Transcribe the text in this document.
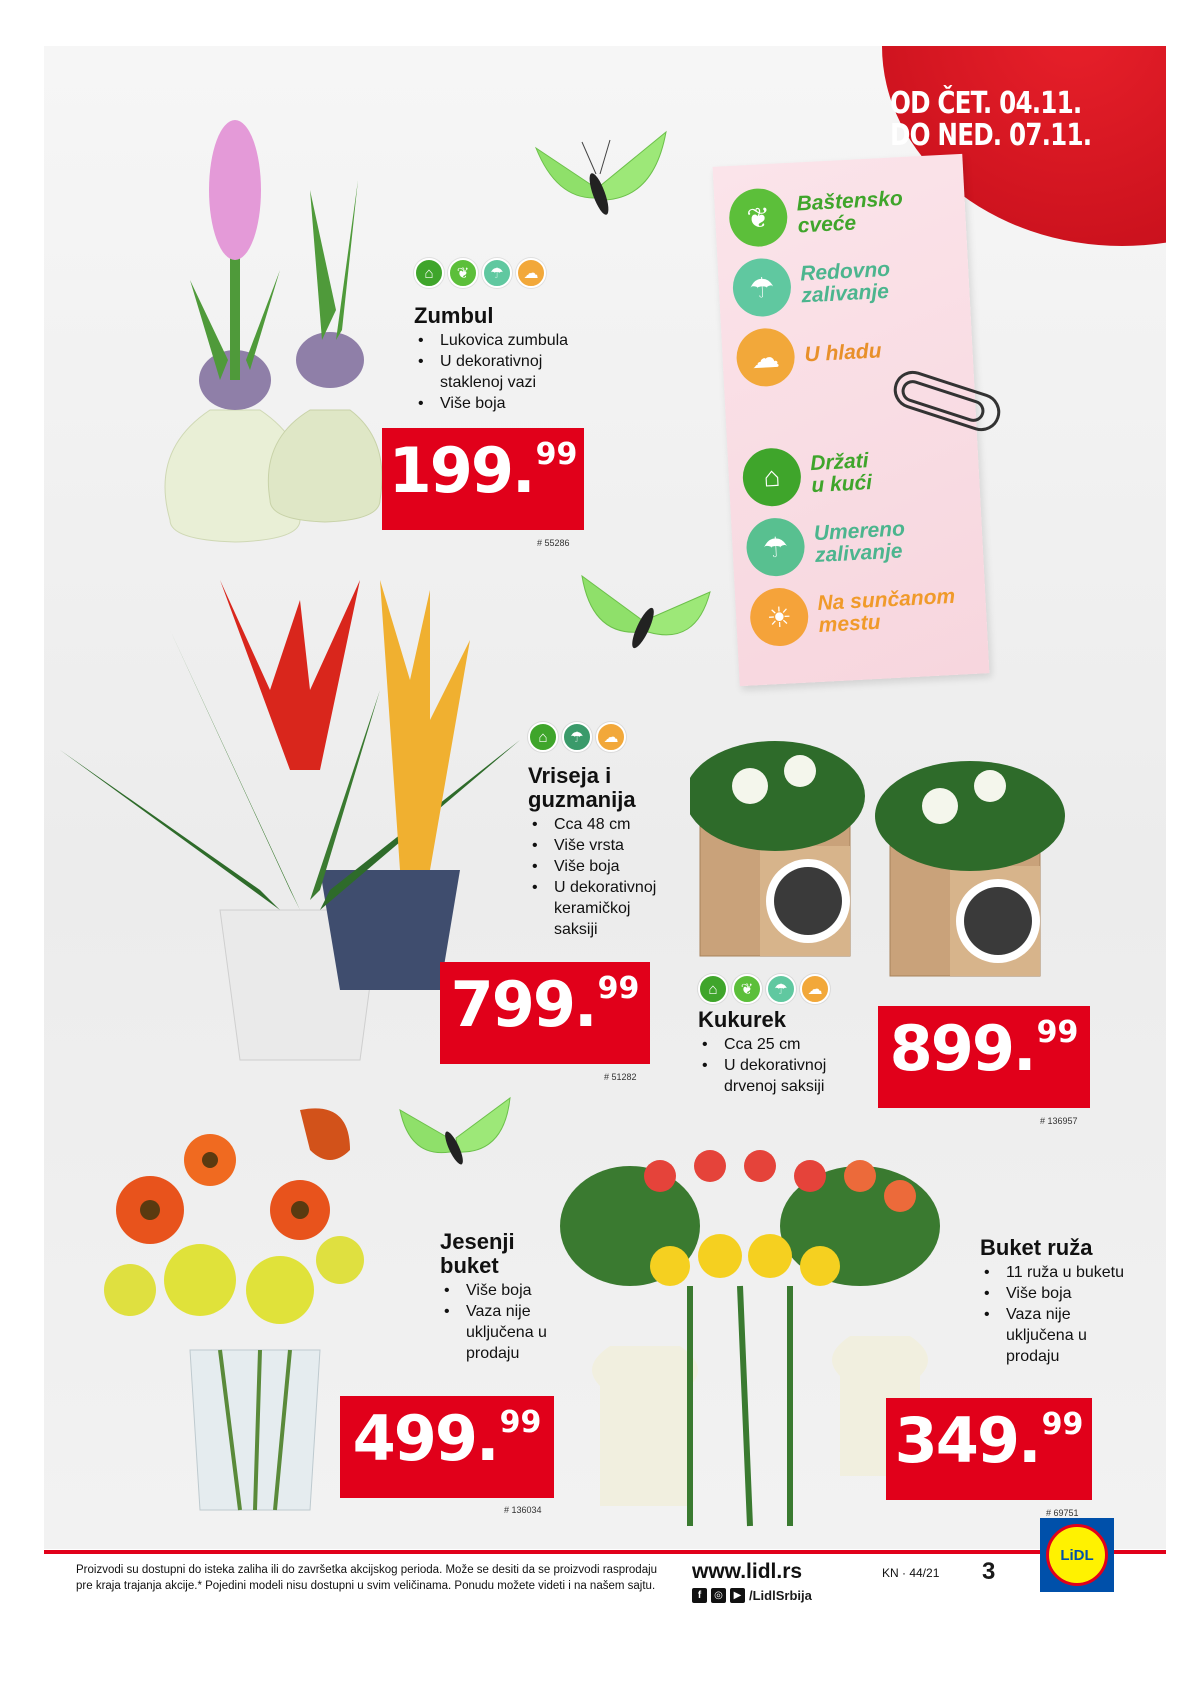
OD ČET. 04.11.
DO NED. 07.11.
❦
Baštensko
cveće
☂	Redovno
zalivanje
☁	U hladu
⌂	Držati
u kući
☂	Umereno
zalivanje
☀
Na sunčanom
mestu
⌂	❦	☂	☁
Zumbul
• Lukovica zumbula
• U dekorativnoj staklenoj vazi
• Više boja
199. 99
# 55286
⌂	☂	☁
Vriseja i
guzmanija
• Cca 48 cm
• Više vrsta
• Više boja
• U dekorativnoj keramičkoj saksiji
799. 99
# 51282
⌂	❦	☂	☁
Kukurek
• Cca 25 cm
• U dekorativnoj drvenoj saksiji
899. 99
# 136957
Jesenji
buket
• Više boja
• Vaza nije uključena u prodaju
499. 99
# 136034
Buket ruža
• 11 ruža u buketu
• Više boja
• Vaza nije uključena u prodaju
349. 99
# 69751
Proizvodi su dostupni do isteka zaliha ili do završetka akcijskog perioda. Može se desiti da se proizvodi rasprodaju pre kraja trajanja akcije.* Pojedini modeli nisu dostupni u svim veličinama. Ponudu možete videti i na našem sajtu.
www.lidl.rs
f	◎	▶ /LidlSrbija
KN · 44/21 3
LiDL
